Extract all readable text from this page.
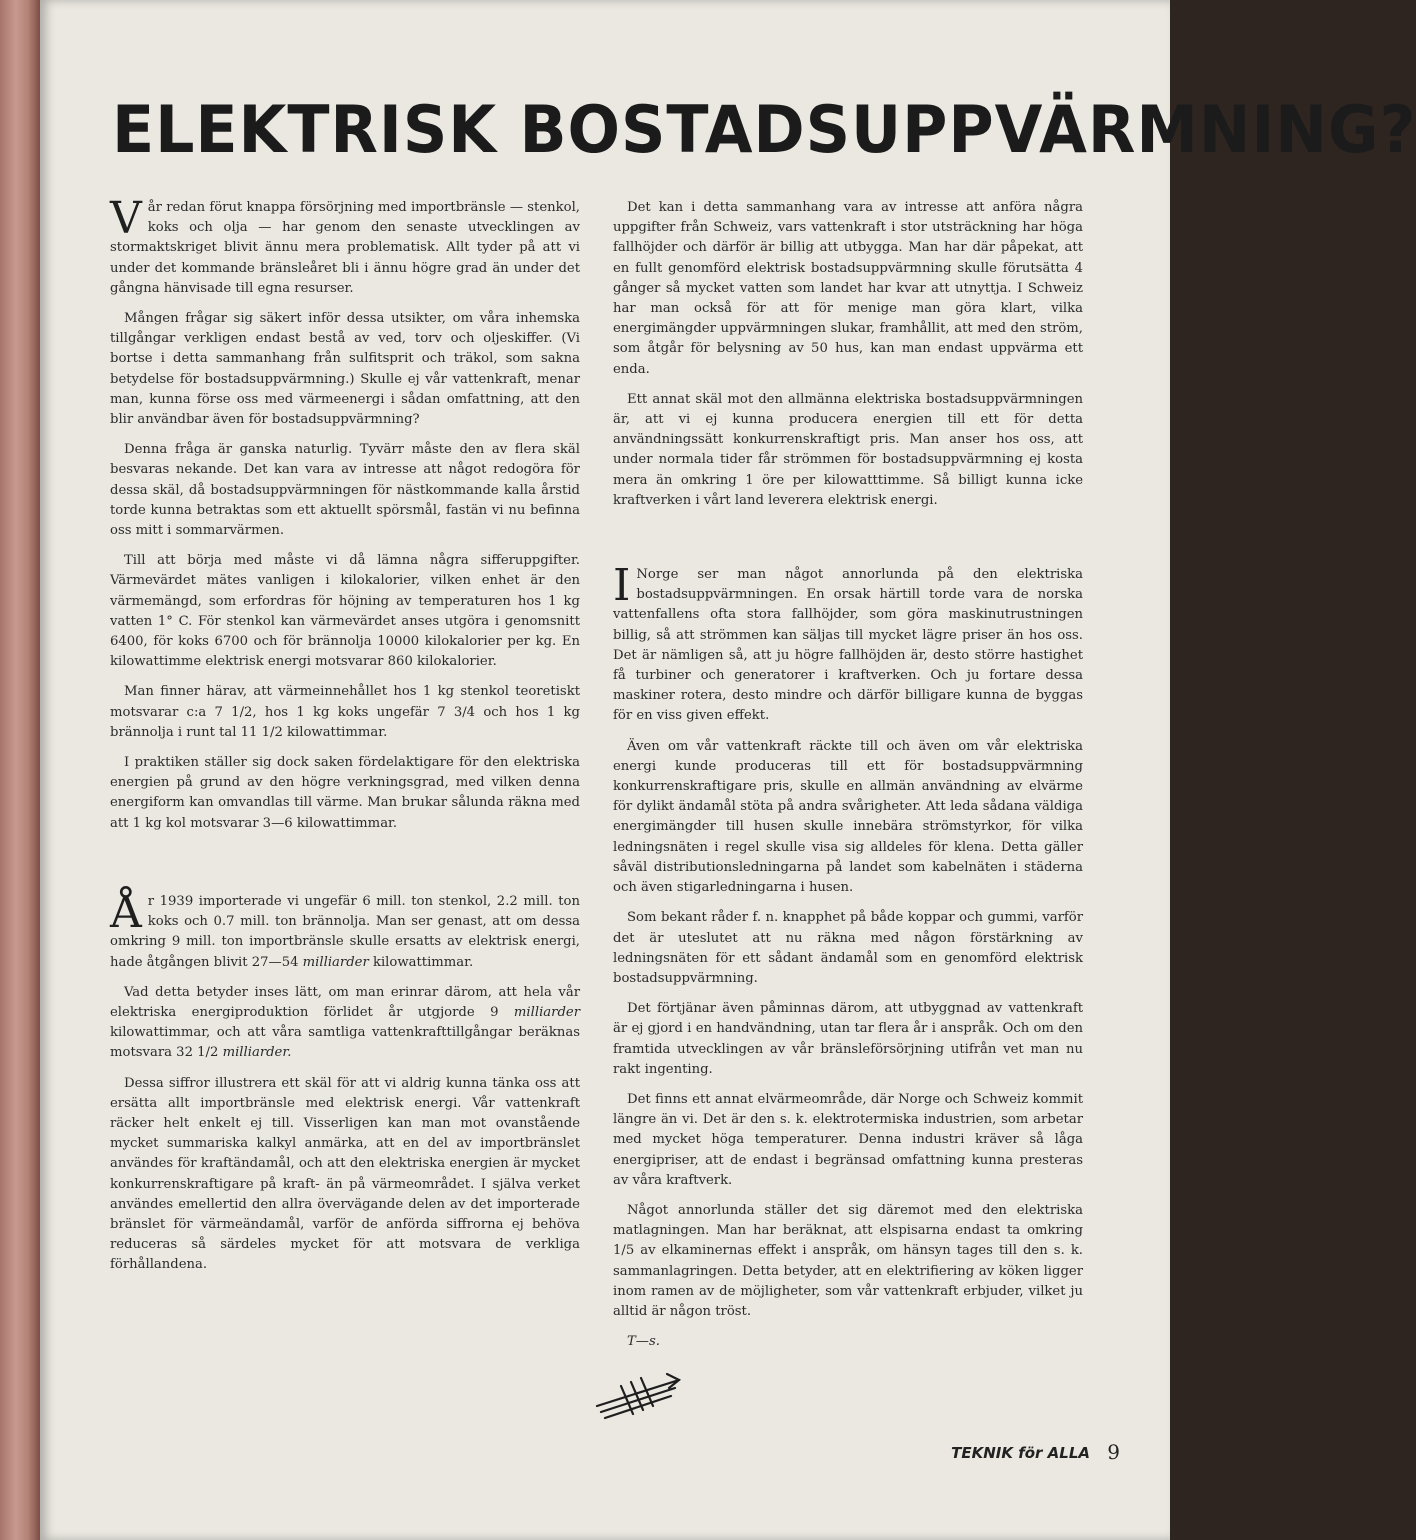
ELEKTRISK BOSTADSUPPVÄRMNING?

Vår redan förut knappa försörjning med importbränsle — stenkol, koks och olja — har genom den senaste utvecklingen av stormaktskriget blivit ännu mera problematisk. Allt tyder på att vi under det kommande bränsleåret bli i ännu högre grad än under det gångna hänvisade till egna resurser.

Mången frågar sig säkert inför dessa utsikter, om våra inhemska tillgångar verkligen endast bestå av ved, torv och oljeskiffer. (Vi bortse i detta sammanhang från sulfitsprit och träkol, som sakna betydelse för bostadsuppvärmning.) Skulle ej vår vattenkraft, menar man, kunna förse oss med värmeenergi i sådan omfattning, att den blir användbar även för bostadsuppvärmning?

Denna fråga är ganska naturlig. Tyvärr måste den av flera skäl besvaras nekande. Det kan vara av intresse att något redogöra för dessa skäl, då bostadsuppvärmningen för nästkommande kalla årstid torde kunna betraktas som ett aktuellt spörsmål, fastän vi nu befinna oss mitt i sommarvärmen.

Till att börja med måste vi då lämna några sifferuppgifter. Värmevärdet mätes vanligen i kilokalorier, vilken enhet är den värmemängd, som erfordras för höjning av temperaturen hos 1 kg vatten 1° C. För stenkol kan värmevärdet anses utgöra i genomsnitt 6400, för koks 6700 och för brännolja 10000 kilokalorier per kg. En kilowattimme elektrisk energi motsvarar 860 kilokalorier.

Man finner härav, att värmeinnehållet hos 1 kg stenkol teoretiskt motsvarar c:a 7 1/2, hos 1 kg koks ungefär 7 3/4 och hos 1 kg brännolja i runt tal 11 1/2 kilowattimmar.

I praktiken ställer sig dock saken fördelaktigare för den elektriska energien på grund av den högre verkningsgrad, med vilken denna energiform kan omvandlas till värme. Man brukar sålunda räkna med att 1 kg kol motsvarar 3—6 kilowattimmar.

År 1939 importerade vi ungefär 6 mill. ton stenkol, 2.2 mill. ton koks och 0.7 mill. ton brännolja. Man ser genast, att om dessa omkring 9 mill. ton importbränsle skulle ersatts av elektrisk energi, hade åtgången blivit 27—54 milliarder kilowattimmar.

Vad detta betyder inses lätt, om man erinrar därom, att hela vår elektriska energiproduktion förlidet år utgjorde 9 milliarder kilowattimmar, och att våra samtliga vattenkrafttillgångar beräknas motsvara 32 1/2 milliarder.

Dessa siffror illustrera ett skäl för att vi aldrig kunna tänka oss att ersätta allt importbränsle med elektrisk energi. Vår vattenkraft räcker helt enkelt ej till. Visserligen kan man mot ovanstående mycket summariska kalkyl anmärka, att en del av importbränslet användes för kraftändamål, och att den elektriska energien är mycket konkurrenskraftigare på kraft- än på värmeområdet. I själva verket användes emellertid den allra övervägande delen av det importerade bränslet för värmeändamål, varför de anförda siffrorna ej behöva reduceras så särdeles mycket för att motsvara de verkliga förhållandena.

Det kan i detta sammanhang vara av intresse att anföra några uppgifter från Schweiz, vars vattenkraft i stor utsträckning har höga fallhöjder och därför är billig att utbygga. Man har där påpekat, att en fullt genomförd elektrisk bostadsuppvärmning skulle förutsätta 4 gånger så mycket vatten som landet har kvar att utnyttja. I Schweiz har man också för att för menige man göra klart, vilka energimängder uppvärmningen slukar, framhållit, att med den ström, som åtgår för belysning av 50 hus, kan man endast uppvärma ett enda.

Ett annat skäl mot den allmänna elektriska bostadsuppvärmningen är, att vi ej kunna producera energien till ett för detta användningssätt konkurrenskraftigt pris. Man anser hos oss, att under normala tider får strömmen för bostadsuppvärmning ej kosta mera än omkring 1 öre per kilowatttimme. Så billigt kunna icke kraftverken i vårt land leverera elektrisk energi.

I Norge ser man något annorlunda på den elektriska bostadsuppvärmningen. En orsak härtill torde vara de norska vattenfallens ofta stora fallhöjder, som göra maskinutrustningen billig, så att strömmen kan säljas till mycket lägre priser än hos oss. Det är nämligen så, att ju högre fallhöjden är, desto större hastighet få turbiner och generatorer i kraftverken. Och ju fortare dessa maskiner rotera, desto mindre och därför billigare kunna de byggas för en viss given effekt.

Även om vår vattenkraft räckte till och även om vår elektriska energi kunde produceras till ett för bostadsuppvärmning konkurrenskraftigare pris, skulle en allmän användning av elvärme för dylikt ändamål stöta på andra svårigheter. Att leda sådana väldiga energimängder till husen skulle innebära strömstyrkor, för vilka ledningsnäten i regel skulle visa sig alldeles för klena. Detta gäller såväl distributionsledningarna på landet som kabelnäten i städerna och även stigarledningarna i husen.

Som bekant råder f. n. knapphet på både koppar och gummi, varför det är uteslutet att nu räkna med någon förstärkning av ledningsnäten för ett sådant ändamål som en genomförd elektrisk bostadsuppvärmning.

Det förtjänar även påminnas därom, att utbyggnad av vattenkraft är ej gjord i en handvändning, utan tar flera år i anspråk. Och om den framtida utvecklingen av vår bränsleförsörjning utifrån vet man nu rakt ingenting.

Det finns ett annat elvärmeområde, där Norge och Schweiz kommit längre än vi. Det är den s. k. elektrotermiska industrien, som arbetar med mycket höga temperaturer. Denna industri kräver så låga energipriser, att de endast i begränsad omfattning kunna presteras av våra kraftverk.

Något annorlunda ställer det sig däremot med den elektriska matlagningen. Man har beräknat, att elspisarna endast ta omkring 1/5 av elkaminernas effekt i anspråk, om hänsyn tages till den s. k. sammanlagringen. Detta betyder, att en elektrifiering av köken ligger inom ramen av de möjligheter, som vår vattenkraft erbjuder, vilket ju alltid är någon tröst.

T—s.

TEKNIK för ALLA 9
